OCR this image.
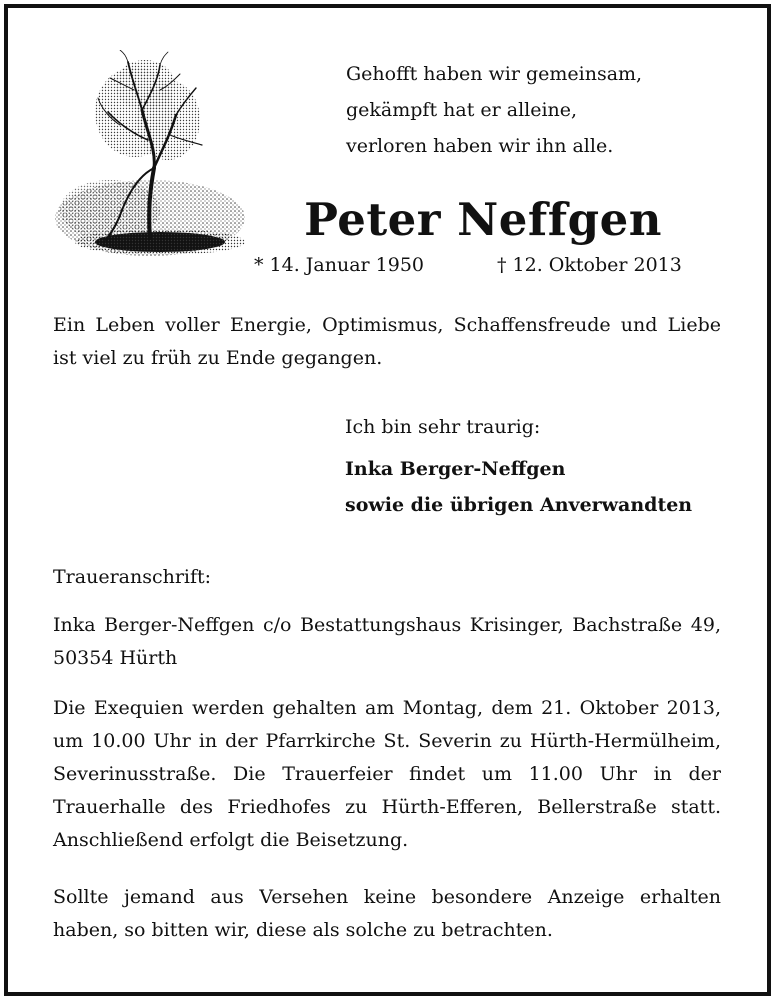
Gehofft haben wir gemeinsam,
gekämpft hat er alleine,
verloren haben wir ihn alle.
Peter Neffgen
* 14. Januar 1950	† 12. Oktober 2013
Ein Leben voller Energie, Optimismus, Schaffensfreude und Liebe ist viel zu früh zu Ende gegangen.
Ich bin sehr traurig:
Inka Berger-Neffgen
sowie die übrigen Anverwandten
Traueranschrift:
Inka Berger-Neffgen c/o Bestattungshaus Krisinger, Bachstraße 49, 50354 Hürth
Die Exequien werden gehalten am Montag, dem 21. Oktober 2013, um 10.00 Uhr in der Pfarrkirche St. Severin zu Hürth-Hermülheim, Severinusstraße. Die Trauerfeier findet um 11.00 Uhr in der Trauerhalle des Friedhofes zu Hürth-Efferen, Bellerstraße statt. Anschließend erfolgt die Beisetzung.
Sollte jemand aus Versehen keine besondere Anzeige erhalten haben, so bitten wir, diese als solche zu betrachten.
